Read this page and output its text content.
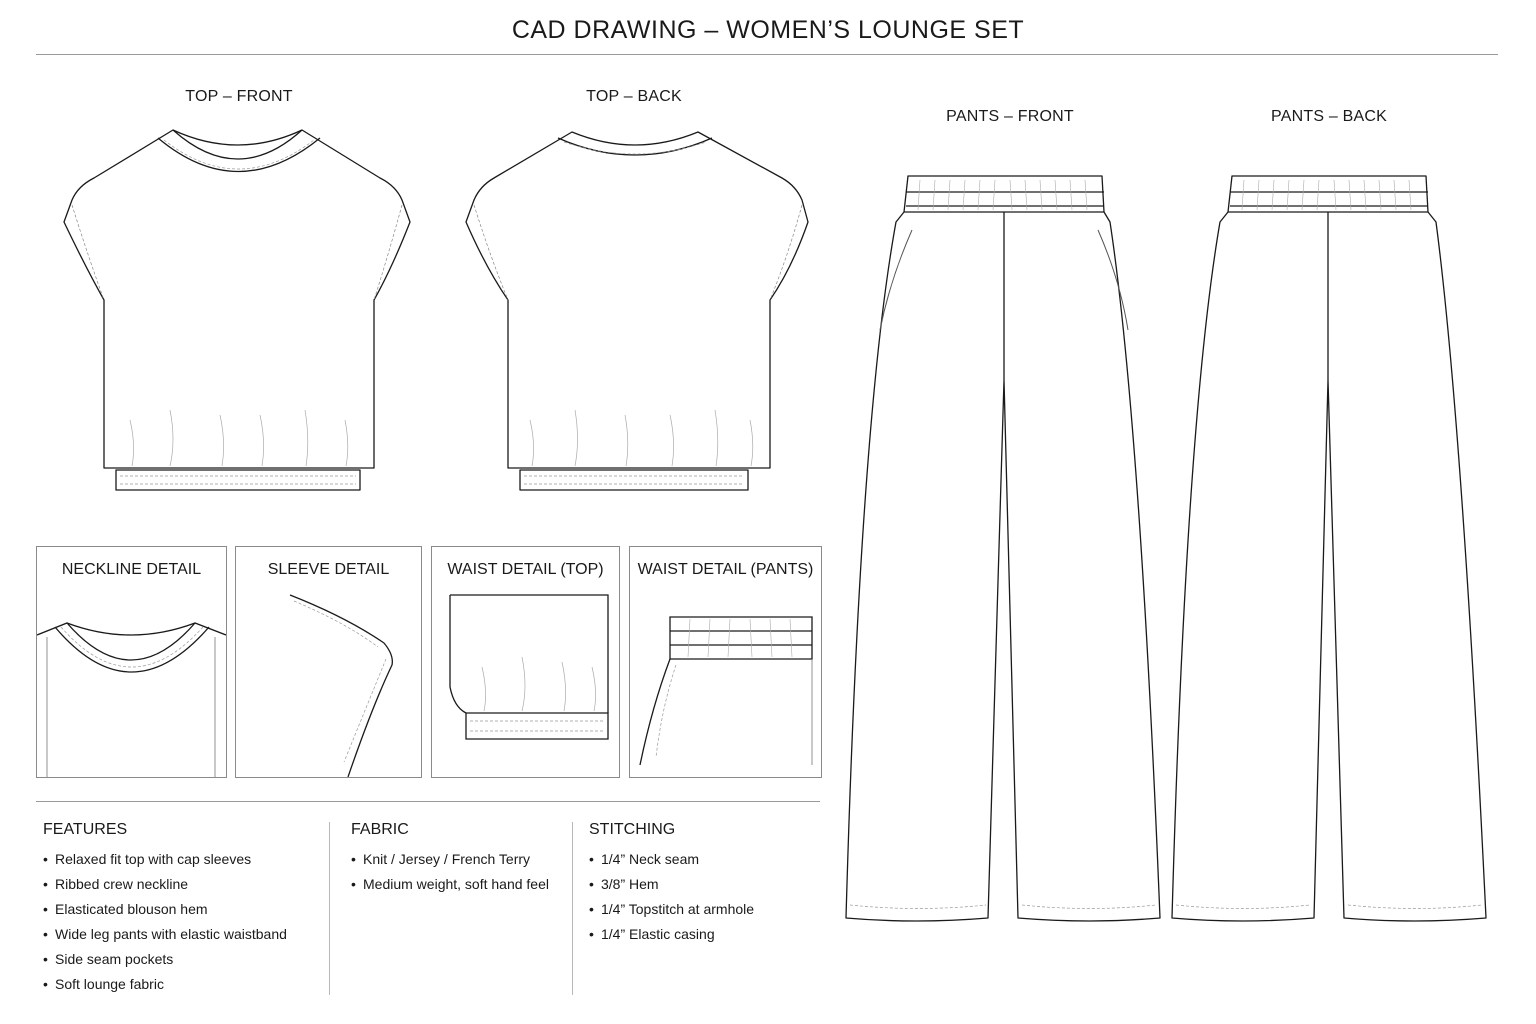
CAD DRAWING – WOMEN’S LOUNGE SET
TOP – FRONT	TOP – BACK
PANTS – FRONT	PANTS – BACK
NECKLINE DETAIL	SLEEVE DETAIL	WAIST DETAIL (TOP)	WAIST DETAIL (PANTS)
FEATURES
• Relaxed fit top with cap sleeves
• Ribbed crew neckline
• Elasticated blouson hem
• Wide leg pants with elastic waistband
• Side seam pockets
• Soft lounge fabric
FABRIC
• Knit / Jersey / French Terry
• Medium weight, soft hand feel
STITCHING
• 1/4” Neck seam
• 3/8” Hem
• 1/4” Topstitch at armhole
• 1/4” Elastic casing
